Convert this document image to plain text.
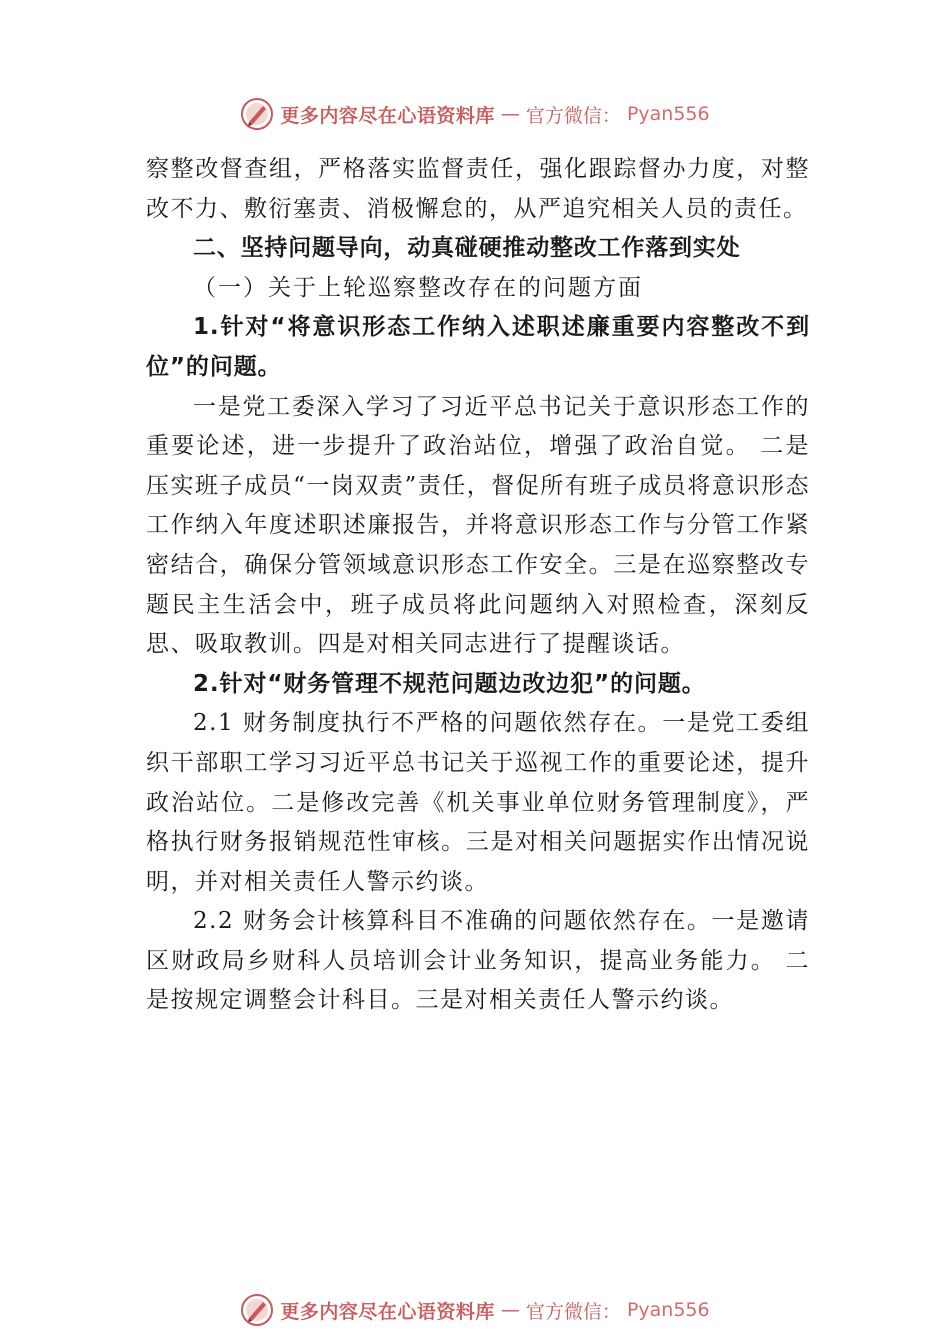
更多内容尽在心语资料库 — 官方微信： Pyan556

察整改督查组，严格落实监督责任，强化跟踪督办力度，对整改不力、敷衍塞责、消极懈怠的，从严追究相关人员的责任。

二、坚持问题导向，动真碰硬推动整改工作落到实处

（一）关于上轮巡察整改存在的问题方面

1.针对“将意识形态工作纳入述职述廉重要内容整改不到位”的问题。

一是党工委深入学习了习近平总书记关于意识形态工作的重要论述，进一步提升了政治站位，增强了政治自觉。 二是压实班子成员“一岗双责”责任，督促所有班子成员将意识形态工作纳入年度述职述廉报告，并将意识形态工作与分管工作紧密结合，确保分管领域意识形态工作安全。三是在巡察整改专题民主生活会中，班子成员将此问题纳入对照检查，深刻反思、吸取教训。四是对相关同志进行了提醒谈话。

2.针对“财务管理不规范问题边改边犯”的问题。

2.1 财务制度执行不严格的问题依然存在。一是党工委组织干部职工学习习近平总书记关于巡视工作的重要论述，提升政治站位。二是修改完善《机关事业单位财务管理制度》，严格执行财务报销规范性审核。三是对相关问题据实作出情况说明，并对相关责任人警示约谈。

2.2 财务会计核算科目不准确的问题依然存在。一是邀请区财政局乡财科人员培训会计业务知识，提高业务能力。 二是按规定调整会计科目。三是对相关责任人警示约谈。

更多内容尽在心语资料库 — 官方微信： Pyan556
